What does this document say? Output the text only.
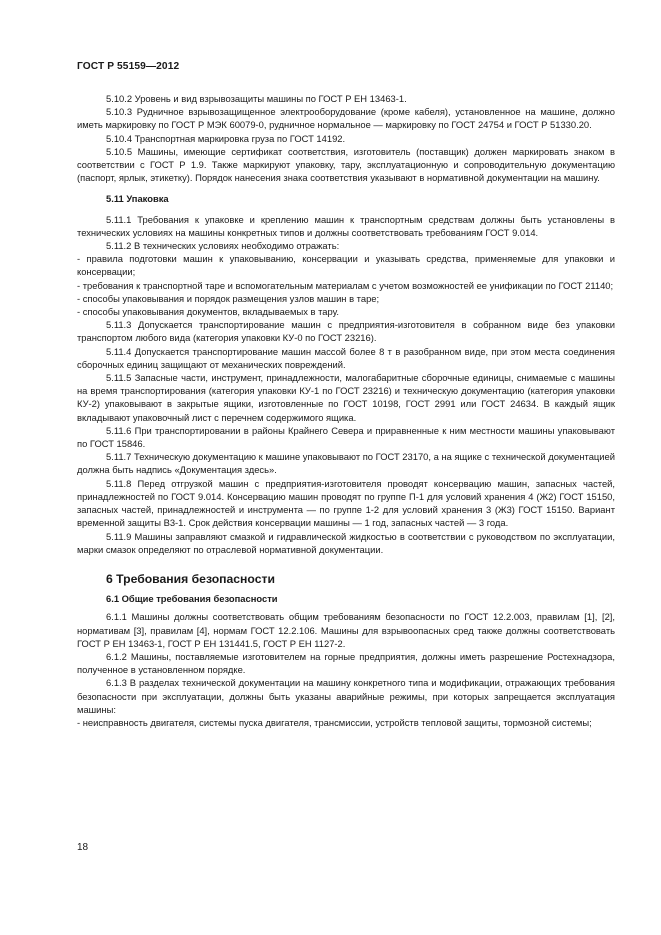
ГОСТ Р 55159—2012

5.10.2 Уровень и вид взрывозащиты машины по ГОСТ Р ЕН 13463-1.

5.10.3 Рудничное взрывозащищенное электрооборудование (кроме кабеля), установленное на машине, должно иметь маркировку по ГОСТ Р МЭК 60079-0, рудничное нормальное — маркировку по ГОСТ 24754 и ГОСТ Р 51330.20.

5.10.4 Транспортная маркировка груза по ГОСТ 14192.

5.10.5 Машины, имеющие сертификат соответствия, изготовитель (поставщик) должен маркировать знаком в соответствии с ГОСТ Р 1.9. Также маркируют упаковку, тару, эксплуатационную и сопроводительную документацию (паспорт, ярлык, этикетку). Порядок нанесения знака соответствия указывают в нормативной документации на машину.

5.11 Упаковка

5.11.1 Требования к упаковке и креплению машин к транспортным средствам должны быть установлены в технических условиях на машины конкретных типов и должны соответствовать требованиям ГОСТ 9.014.

5.11.2 В технических условиях необходимо отражать:

- правила подготовки машин к упаковыванию, консервации и указывать средства, применяемые для упаковки и консервации;

- требования к транспортной таре и вспомогательным материалам с учетом возможностей ее унификации по ГОСТ 21140;

- способы упаковывания и порядок размещения узлов машин в таре;

- способы упаковывания документов, вкладываемых в тару.

5.11.3 Допускается транспортирование машин с предприятия-изготовителя в собранном виде без упаковки транспортом любого вида (категория упаковки КУ-0 по ГОСТ 23216).

5.11.4 Допускается транспортирование машин массой более 8 т в разобранном виде, при этом места соединения сборочных единиц защищают от механических повреждений.

5.11.5 Запасные части, инструмент, принадлежности, малогабаритные сборочные единицы, снимаемые с машины на время транспортирования (категория упаковки КУ-1 по ГОСТ 23216) и техническую документацию (категория упаковки КУ-2) упаковывают в закрытые ящики, изготовленные по ГОСТ 10198, ГОСТ 2991 или ГОСТ 24634. В каждый ящик вкладывают упаковочный лист с перечнем содержимого ящика.

5.11.6 При транспортировании в районы Крайнего Севера и приравненные к ним местности машины упаковывают по ГОСТ 15846.

5.11.7 Техническую документацию к машине упаковывают по ГОСТ 23170, а на ящике с технической документацией должна быть надпись «Документация здесь».

5.11.8 Перед отгрузкой машин с предприятия-изготовителя проводят консервацию машин, запасных частей, принадлежностей по ГОСТ 9.014. Консервацию машин проводят по группе П-1 для условий хранения 4 (Ж2) ГОСТ 15150, запасных частей, принадлежностей и инструмента — по группе 1-2 для условий хранения 3 (Ж3) ГОСТ 15150. Вариант временной защиты В3-1. Срок действия консервации машины — 1 год, запасных частей — 3 года.

5.11.9 Машины заправляют смазкой и гидравлической жидкостью в соответствии с руководством по эксплуатации, марки смазок определяют по отраслевой нормативной документации.

6 Требования безопасности
6.1 Общие требования безопасности

6.1.1 Машины должны соответствовать общим требованиям безопасности по ГОСТ 12.2.003, правилам [1], [2], нормативам [3], правилам [4], нормам ГОСТ 12.2.106. Машины для взрывоопасных сред также должны соответствовать ГОСТ Р ЕН 13463-1, ГОСТ Р ЕН 131441.5, ГОСТ Р ЕН 1127-2.

6.1.2 Машины, поставляемые изготовителем на горные предприятия, должны иметь разрешение Ростехнадзора, полученное в установленном порядке.

6.1.3 В разделах технической документации на машину конкретного типа и модификации, отражающих требования безопасности при эксплуатации, должны быть указаны аварийные режимы, при которых запрещается эксплуатация машины:

- неисправность двигателя, системы пуска двигателя, трансмиссии, устройств тепловой защиты, тормозной системы;

18
